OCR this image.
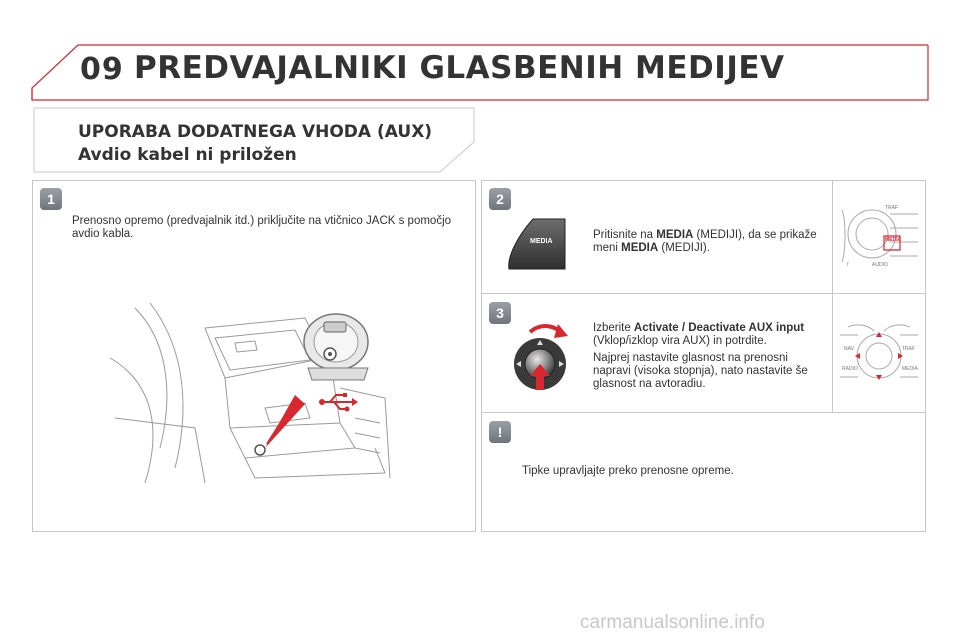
09 PREDVAJALNIKI GLASBENIH MEDIJEV
UPORABA DODATNEGA VHODA (AUX)
Avdio kabel ni priložen
1
Prenosno opremo (predvajalnik itd.) priključite na vtičnico JACK s pomočjo avdio kabla.
2
MEDIA
Pritisnite na MEDIA (MEDIJI), da se prikaže meni MEDIA (MEDIJI).
TRAF
MEDIA
AUDIO
7
3
Izberite Activate / Deactivate AUX input (Vklop/izklop vira AUX) in potrdite.
Najprej nastavite glasnost na prenosni napravi (visoka stopnja), nato nastavite še glasnost na avtoradiu.
NAV	TRAF
RADIO	MEDIA
!
Tipke upravljajte preko prenosne opreme.
carmanualsonline.info
